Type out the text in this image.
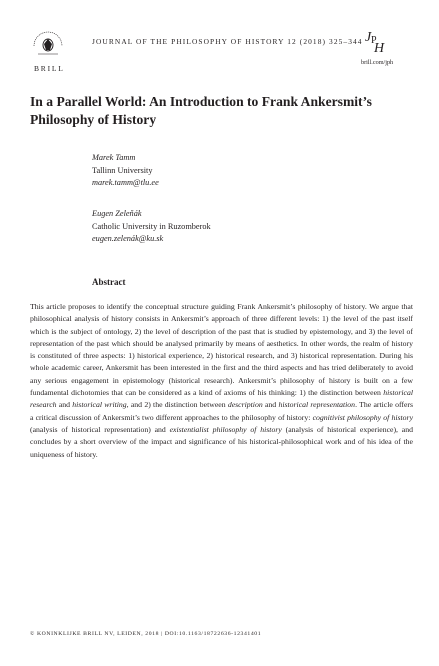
BRILL
JOURNAL OF THE PHILOSOPHY OF HISTORY 12 (2018) 325–344 J P
H
brill.com/jph
In a Parallel World: An Introduction to Frank Ankersmit’s Philosophy of History
Marek Tamm
Tallinn University
marek.tamm@tlu.ee
Eugen Zeleňák
Catholic University in Ruzomberok
eugen.zelenák@ku.sk
Abstract

This article proposes to identify the conceptual structure guiding Frank Ankersmit’s philosophy of history. We argue that philosophical analysis of history consists in Ankersmit’s approach of three different levels: 1) the level of the past itself which is the subject of ontology, 2) the level of description of the past that is studied by epistemology, and 3) the level of representation of the past which should be analysed primarily by means of aesthetics. In other words, the realm of history is constituted of three aspects: 1) historical experience, 2) historical research, and 3) historical representation. During his whole academic career, Ankersmit has been interested in the first and the third aspects and has tried deliberately to avoid any serious engagement in epistemology (historical research). Ankersmit’s philosophy of history is built on a few fundamental dichotomies that can be considered as a kind of axioms of his thinking: 1) the distinction between historical research and historical writing, and 2) the distinction between description and historical representation. The article offers a critical discussion of Ankersmit’s two different approaches to the philosophy of history: cognitivist philosophy of history (analysis of historical representation) and existentialist philosophy of history (analysis of historical experience), and concludes by a short overview of the impact and significance of his historical-philosophical work and of his idea of the uniqueness of history.

© KONINKLIJKE BRILL NV, LEIDEN, 2018 | DOI:10.1163/18722636-12341401
